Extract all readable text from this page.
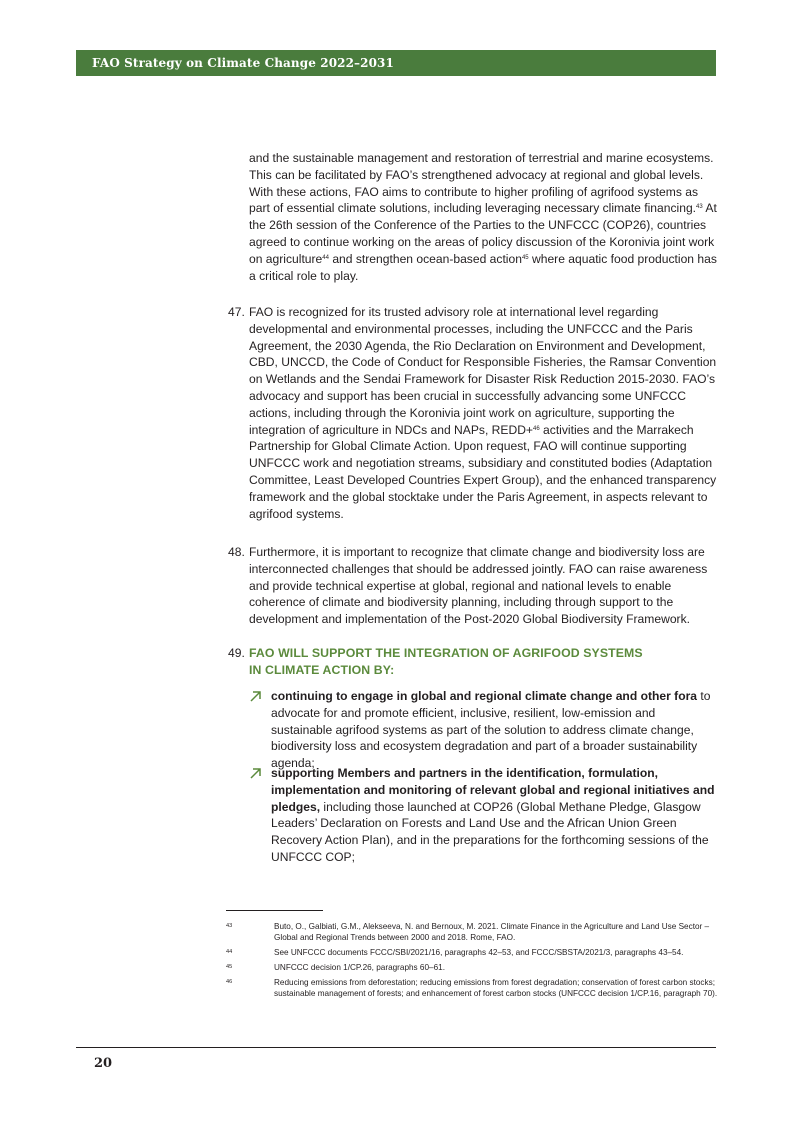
FAO Strategy on Climate Change 2022–2031
and the sustainable management and restoration of terrestrial and marine ecosystems. This can be facilitated by FAO’s strengthened advocacy at regional and global levels. With these actions, FAO aims to contribute to higher profiling of agrifood systems as part of essential climate solutions, including leveraging necessary climate financing.$^{43}$ At the 26th session of the Conference of the Parties to the UNFCCC (COP26), countries agreed to continue working on the areas of policy discussion of the Koronivia joint work on agriculture$^{44}$ and strengthen ocean-based action$^{45}$ where aquatic food production has a critical role to play.
47. FAO is recognized for its trusted advisory role at international level regarding developmental and environmental processes, including the UNFCCC and the Paris Agreement, the 2030 Agenda, the Rio Declaration on Environment and Development, CBD, UNCCD, the Code of Conduct for Responsible Fisheries, the Ramsar Convention on Wetlands and the Sendai Framework for Disaster Risk Reduction 2015-2030. FAO’s advocacy and support has been crucial in successfully advancing some UNFCCC actions, including through the Koronivia joint work on agriculture, supporting the integration of agriculture in NDCs and NAPs, REDD+$^{46}$ activities and the Marrakech Partnership for Global Climate Action. Upon request, FAO will continue supporting UNFCCC work and negotiation streams, subsidiary and constituted bodies (Adaptation Committee, Least Developed Countries Expert Group), and the enhanced transparency framework and the global stocktake under the Paris Agreement, in aspects relevant to agrifood systems.
48. Furthermore, it is important to recognize that climate change and biodiversity loss are interconnected challenges that should be addressed jointly. FAO can raise awareness and provide technical expertise at global, regional and national levels to enable coherence of climate and biodiversity planning, including through support to the development and implementation of the Post-2020 Global Biodiversity Framework.
49. FAO WILL SUPPORT THE INTEGRATION OF AGRIFOOD SYSTEMS
IN CLIMATE ACTION BY:
continuing to engage in global and regional climate change and other fora to advocate for and promote efficient, inclusive, resilient, low-emission and sustainable agrifood systems as part of the solution to address climate change, biodiversity loss and ecosystem degradation and part of a broader sustainability agenda;
supporting Members and partners in the identification, formulation, implementation and monitoring of relevant global and regional initiatives and pledges, including those launched at COP26 (Global Methane Pledge, Glasgow Leaders’ Declaration on Forests and Land Use and the African Union Green Recovery Action Plan), and in the preparations for the forthcoming sessions of the UNFCCC COP;
43	Buto, O., Galbiati, G.M., Alekseeva, N. and Bernoux, M. 2021. Climate Finance in the Agriculture and Land Use Sector – Global and Regional Trends between 2000 and 2018. Rome, FAO.
44	See UNFCCC documents FCCC/SBI/2021/16, paragraphs 42–53, and FCCC/SBSTA/2021/3, paragraphs 43–54.
45	UNFCCC decision 1/CP.26, paragraphs 60–61.
46	Reducing emissions from deforestation; reducing emissions from forest degradation; conservation of forest carbon stocks; sustainable management of forests; and enhancement of forest carbon stocks (UNFCCC decision 1/CP.16, paragraph 70).
20
